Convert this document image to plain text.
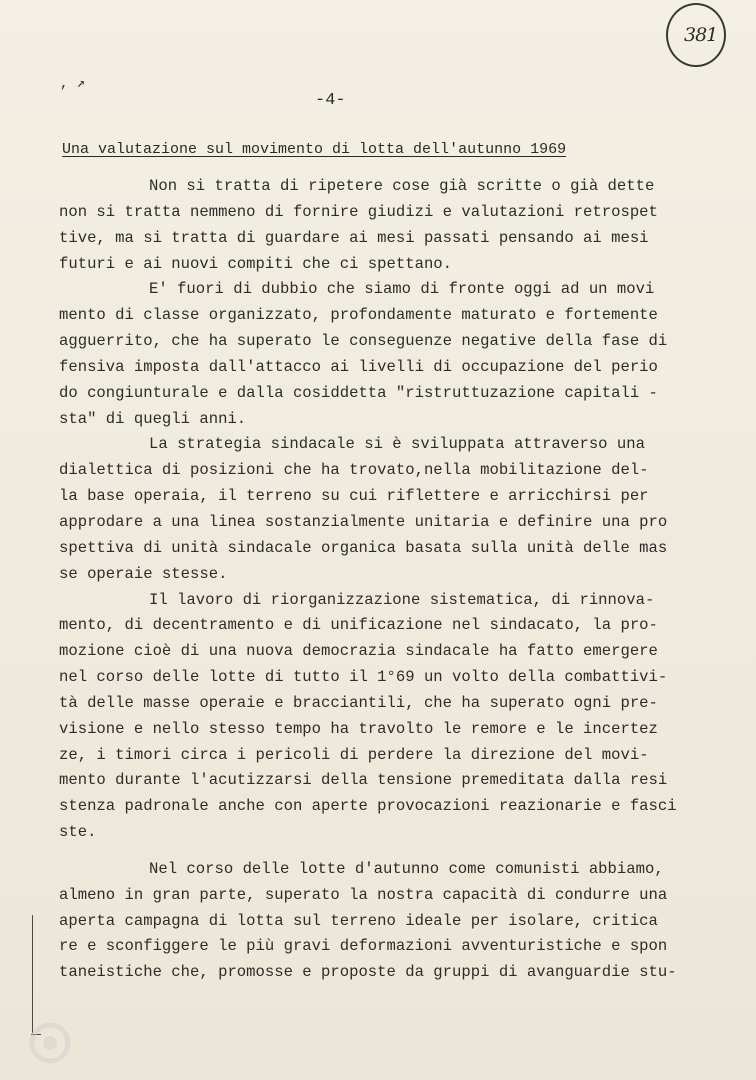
381
, ↗
-4-
Una valutazione sul movimento di lotta dell'autunno 1969
Non si tratta di ripetere cose già scritte o già dette
non si tratta nemmeno di fornire giudizi e valutazioni retrospet
tive, ma si tratta di guardare ai mesi passati pensando ai mesi
futuri e ai nuovi compiti che ci spettano.
E' fuori di dubbio che siamo di fronte oggi ad un movi
mento di classe organizzato, profondamente maturato e fortemente
agguerrito, che ha superato le conseguenze negative della fase di
fensiva imposta dall'attacco ai livelli di occupazione del perio
do congiunturale e dalla cosiddetta "ristruttuzazione capitali -
sta" di quegli anni.
La strategia sindacale si è sviluppata attraverso una
dialettica di posizioni che ha trovato,nella mobilitazione del-
la base operaia, il terreno su cui riflettere e arricchirsi per
approdare a una linea sostanzialmente unitaria e definire una pro
spettiva di unità sindacale organica basata sulla unità delle mas
se operaie stesse.
Il lavoro di riorganizzazione sistematica, di rinnova-
mento, di decentramento e di unificazione nel sindacato, la pro-
mozione cioè di una nuova democrazia sindacale ha fatto emergere
nel corso delle lotte di tutto il 1°69 un volto della combattivi-
tà delle masse operaie e bracciantili, che ha superato ogni pre-
visione e nello stesso tempo ha travolto le remore e le incertez
ze, i timori circa i pericoli di perdere la direzione del movi-
mento durante l'acutizzarsi della tensione premeditata dalla resi
stenza padronale anche con aperte provocazioni reazionarie e fasci
ste.
Nel corso delle lotte d'autunno come comunisti abbiamo,
almeno in gran parte, superato la nostra capacità di condurre una
aperta campagna di lotta sul terreno ideale per isolare, critica
re e sconfiggere le più gravi deformazioni avventuristiche e spon
taneistiche che, promosse e proposte da gruppi di avanguardie stu-
